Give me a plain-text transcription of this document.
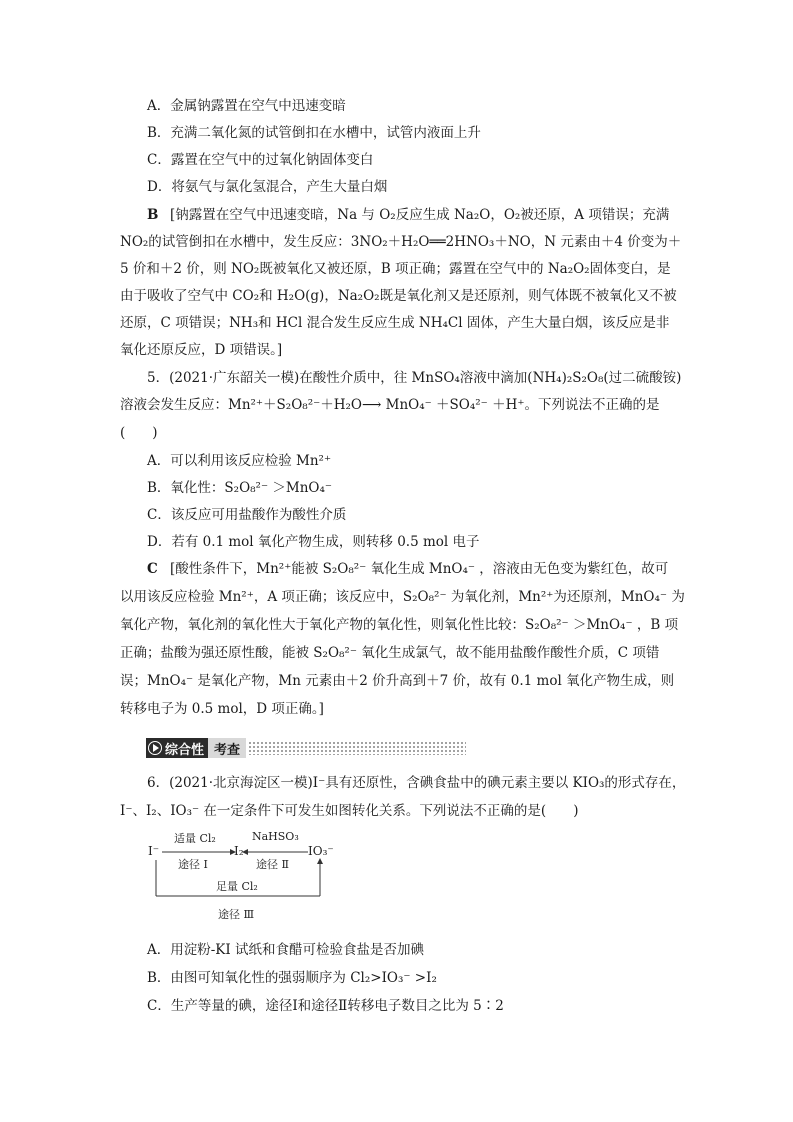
A．金属钠露置在空气中迅速变暗
B．充满二氧化氮的试管倒扣在水槽中，试管内液面上升
C．露置在空气中的过氧化钠固体变白
D．将氨气与氯化氢混合，产生大量白烟
B [钠露置在空气中迅速变暗，Na 与 O₂反应生成 Na₂O，O₂被还原，A 项错误；充满
NO₂的试管倒扣在水槽中，发生反应：3NO₂＋H₂O══2HNO₃＋NO，N 元素由＋4 价变为＋
5 价和＋2 价，则 NO₂既被氧化又被还原，B 项正确；露置在空气中的 Na₂O₂固体变白，是
由于吸收了空气中 CO₂和 H₂O(g)，Na₂O₂既是氧化剂又是还原剂，则气体既不被氧化又不被
还原，C 项错误；NH₃和 HCl 混合发生反应生成 NH₄Cl 固体，产生大量白烟，该反应是非
氧化还原反应，D 项错误。]
5．(2021·广东韶关一模)在酸性介质中，往 MnSO₄溶液中滴加(NH₄)₂S₂O₈(过二硫酸铵)
溶液会发生反应：Mn²⁺＋S₂O₈²⁻＋H₂O⟶ MnO₄⁻ ＋SO₄²⁻ ＋H⁺。下列说法不正确的是
(　　)
A．可以利用该反应检验 Mn²⁺
B．氧化性：S₂O₈²⁻ ＞MnO₄⁻
C．该反应可用盐酸作为酸性介质
D．若有 0.1 mol 氧化产物生成，则转移 0.5 mol 电子
C [酸性条件下，Mn²⁺能被 S₂O₈²⁻ 氧化生成 MnO₄⁻ ，溶液由无色变为紫红色，故可
以用该反应检验 Mn²⁺，A 项正确；该反应中，S₂O₈²⁻ 为氧化剂，Mn²⁺为还原剂，MnO₄⁻ 为
氧化产物，氧化剂的氧化性大于氧化产物的氧化性，则氧化性比较：S₂O₈²⁻ ＞MnO₄⁻ ，B 项
正确；盐酸为强还原性酸，能被 S₂O₈²⁻ 氧化生成氯气，故不能用盐酸作酸性介质，C 项错
误；MnO₄⁻ 是氧化产物，Mn 元素由＋2 价升高到＋7 价，故有 0.1 mol 氧化产物生成，则
转移电子为 0.5 mol，D 项正确。]
综合性 考查
6．(2021·北京海淀区一模)I⁻具有还原性，含碘食盐中的碘元素主要以 KIO₃的形式存在，
I⁻、I₂、IO₃⁻ 在一定条件下可发生如图转化关系。下列说法不正确的是(　　)
I⁻	I₂	IO₃⁻
适量 Cl₂
途径 Ⅰ
NaHSO₃
途径 Ⅱ
足量 Cl₂
途径 Ⅲ
A．用淀粉-KI 试纸和食醋可检验食盐是否加碘
B．由图可知氧化性的强弱顺序为 Cl₂>IO₃⁻ >I₂
C．生产等量的碘，途径Ⅰ和途径Ⅱ转移电子数目之比为 5∶2
